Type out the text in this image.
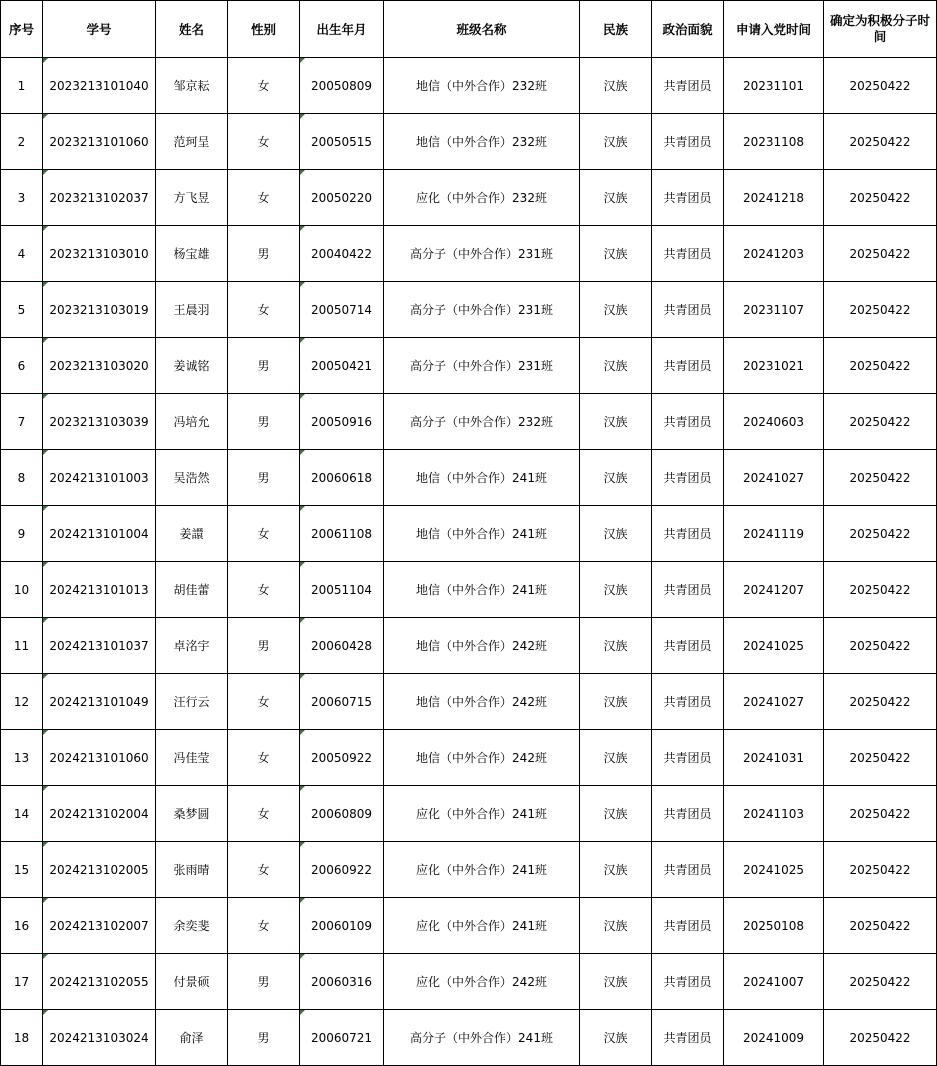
序号	学号	姓名	性别	出生年月	班级名称	民族	政治面貌	申请入党时间	确定为积极分子时间
1	2023213101040	邹京耘	女	20050809	地信（中外合作）232班	汉族	共青团员	20231101	20250422
2	2023213101060	范珂呈	女	20050515	地信（中外合作）232班	汉族	共青团员	20231108	20250422
3	2023213102037	方飞昱	女	20050220	应化（中外合作）232班	汉族	共青团员	20241218	20250422
4	2023213103010	杨宝雄	男	20040422	高分子（中外合作）231班	汉族	共青团员	20241203	20250422
5	2023213103019	王晨羽	女	20050714	高分子（中外合作）231班	汉族	共青团员	20231107	20250422
6	2023213103020	姜诚铭	男	20050421	高分子（中外合作）231班	汉族	共青团员	20231021	20250422
7	2023213103039	冯培允	男	20050916	高分子（中外合作）232班	汉族	共青团员	20240603	20250422
8	2024213101003	吴浩然	男	20060618	地信（中外合作）241班	汉族	共青团员	20241027	20250422
9	2024213101004	姜譞	女	20061108	地信（中外合作）241班	汉族	共青团员	20241119	20250422
10	2024213101013	胡佳蕾	女	20051104	地信（中外合作）241班	汉族	共青团员	20241207	20250422
11	2024213101037	卓洺宇	男	20060428	地信（中外合作）242班	汉族	共青团员	20241025	20250422
12	2024213101049	汪行云	女	20060715	地信（中外合作）242班	汉族	共青团员	20241027	20250422
13	2024213101060	冯佳莹	女	20050922	地信（中外合作）242班	汉族	共青团员	20241031	20250422
14	2024213102004	桑梦圆	女	20060809	应化（中外合作）241班	汉族	共青团员	20241103	20250422
15	2024213102005	张雨晴	女	20060922	应化（中外合作）241班	汉族	共青团员	20241025	20250422
16	2024213102007	余奕斐	女	20060109	应化（中外合作）241班	汉族	共青团员	20250108	20250422
17	2024213102055	付景硕	男	20060316	应化（中外合作）242班	汉族	共青团员	20241007	20250422
18	2024213103024	俞泽	男	20060721	高分子（中外合作）241班	汉族	共青团员	20241009	20250422
